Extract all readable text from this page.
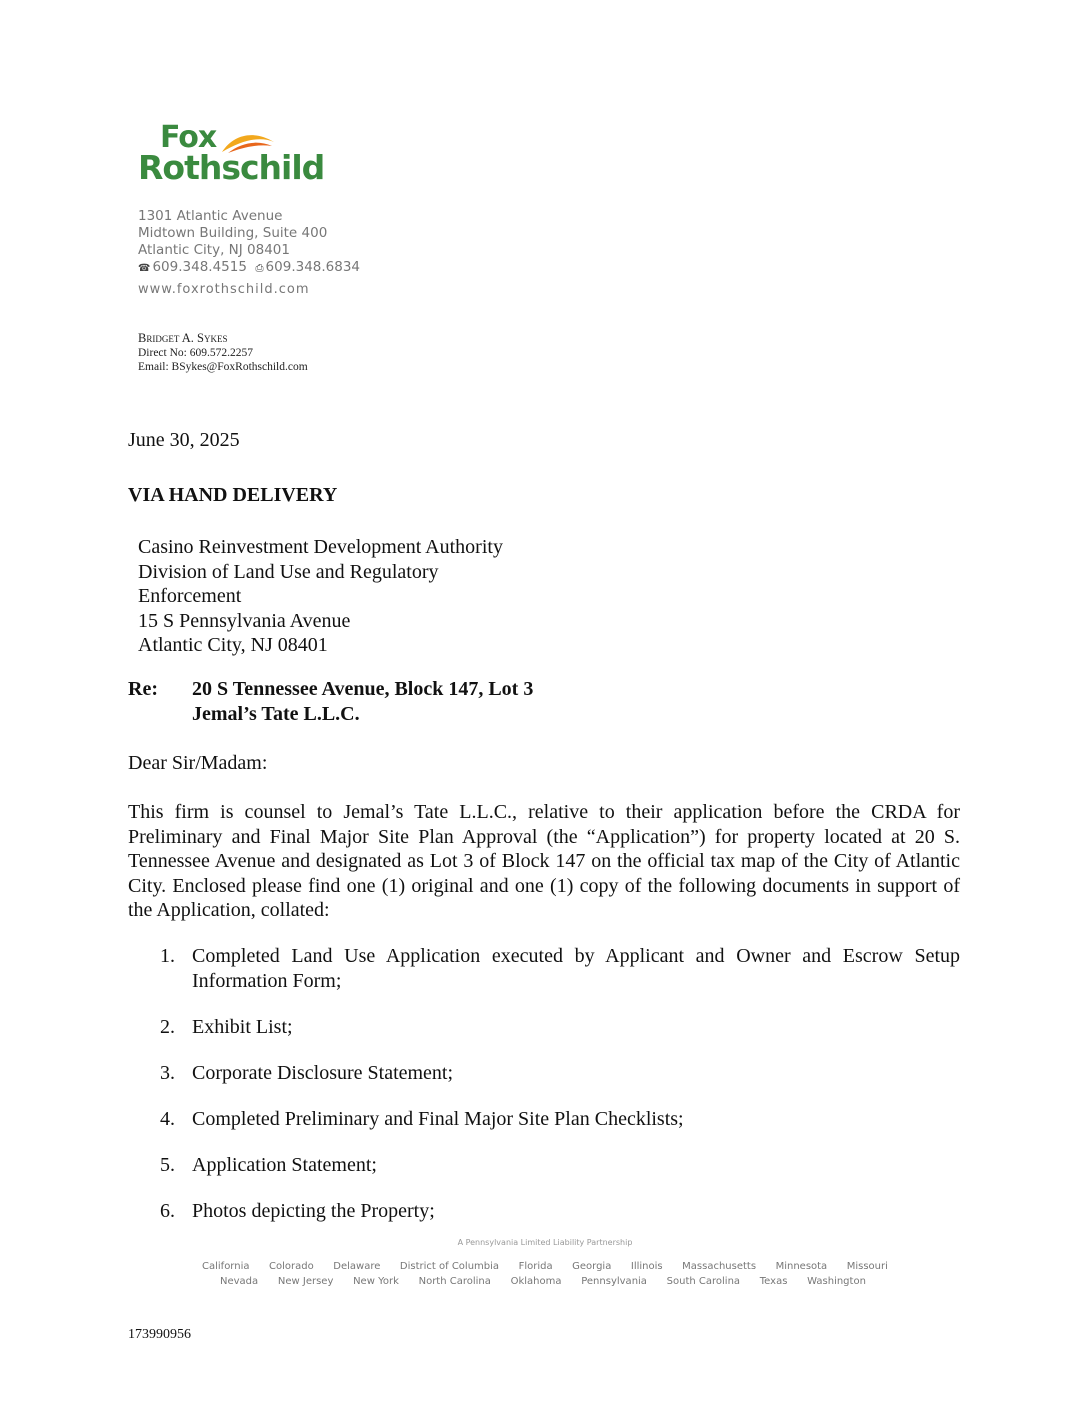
Fox
Rothschild
1301 Atlantic Avenue
Midtown Building, Suite 400
Atlantic City, NJ 08401
☎ 609.348.4515 ⎙ 609.348.6834
www.foxrothschild.com
Bridget A. Sykes
Direct No: 609.572.2257
Email: BSykes@FoxRothschild.com
June 30, 2025
VIA HAND DELIVERY
Casino Reinvestment Development Authority
Division of Land Use and Regulatory
Enforcement
15 S Pennsylvania Avenue
Atlantic City, NJ 08401
Re: 20 S Tennessee Avenue, Block 147, Lot 3
Jemal’s Tate L.L.C.
Dear Sir/Madam:
This firm is counsel to Jemal’s Tate L.L.C., relative to their application before the CRDA for Preliminary and Final Major Site Plan Approval (the “Application”) for property located at 20 S. Tennessee Avenue and designated as Lot 3 of Block 147 on the official tax map of the City of Atlantic City. Enclosed please find one (1) original and one (1) copy of the following documents in support of the Application, collated:
1. Completed Land Use Application executed by Applicant and Owner and Escrow Setup Information Form;
2. Exhibit List;
3. Corporate Disclosure Statement;
4. Completed Preliminary and Final Major Site Plan Checklists;
5. Application Statement;
6. Photos depicting the Property;
A Pennsylvania Limited Liability Partnership
California Colorado Delaware District of Columbia Florida Georgia Illinois Massachusetts Minnesota Missouri
Nevada New Jersey New York North Carolina Oklahoma Pennsylvania South Carolina Texas Washington
173990956
